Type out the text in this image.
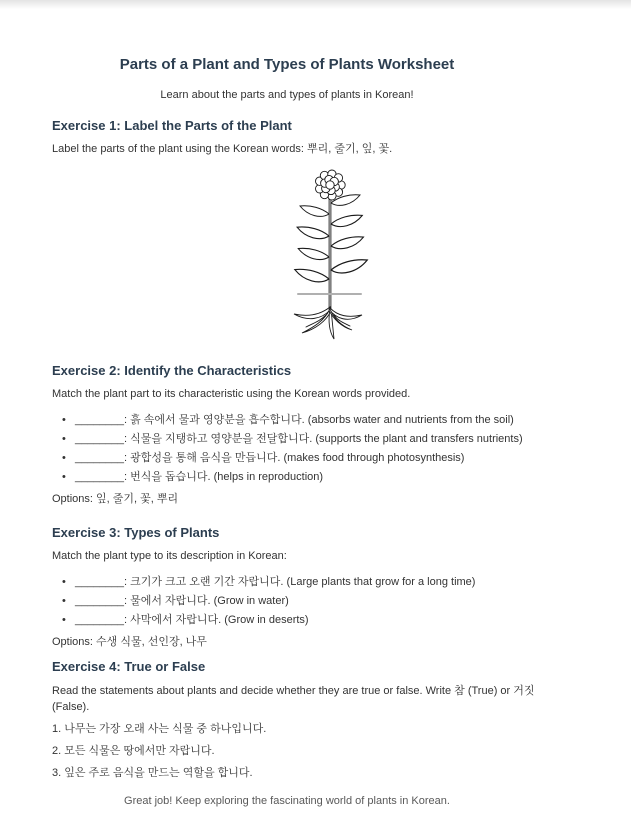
Parts of a Plant and Types of Plants Worksheet
Learn about the parts and types of plants in Korean!
Exercise 1: Label the Parts of the Plant
Label the parts of the plant using the Korean words: 뿌리, 줄기, 잎, 꽃.
Exercise 2: Identify the Characteristics
Match the plant part to its characteristic using the Korean words provided.
• ________: 흙 속에서 물과 영양분을 흡수합니다. (absorbs water and nutrients from the soil)
• ________: 식물을 지탱하고 영양분을 전달합니다. (supports the plant and transfers nutrients)
• ________: 광합성을 통해 음식을 만듭니다. (makes food through photosynthesis)
• ________: 번식을 돕습니다. (helps in reproduction)
Options: 잎, 줄기, 꽃, 뿌리
Exercise 3: Types of Plants
Match the plant type to its description in Korean:
• ________: 크기가 크고 오랜 기간 자랍니다. (Large plants that grow for a long time)
• ________: 물에서 자랍니다. (Grow in water)
• ________: 사막에서 자랍니다. (Grow in deserts)
Options: 수생 식물, 선인장, 나무
Exercise 4: True or False
Read the statements about plants and decide whether they are true or false. Write 참 (True) or 거짓
(False).
1. 나무는 가장 오래 사는 식물 중 하나입니다.
2. 모든 식물은 땅에서만 자랍니다.
3. 잎은 주로 음식을 만드는 역할을 합니다.
Great job! Keep exploring the fascinating world of plants in Korean.
